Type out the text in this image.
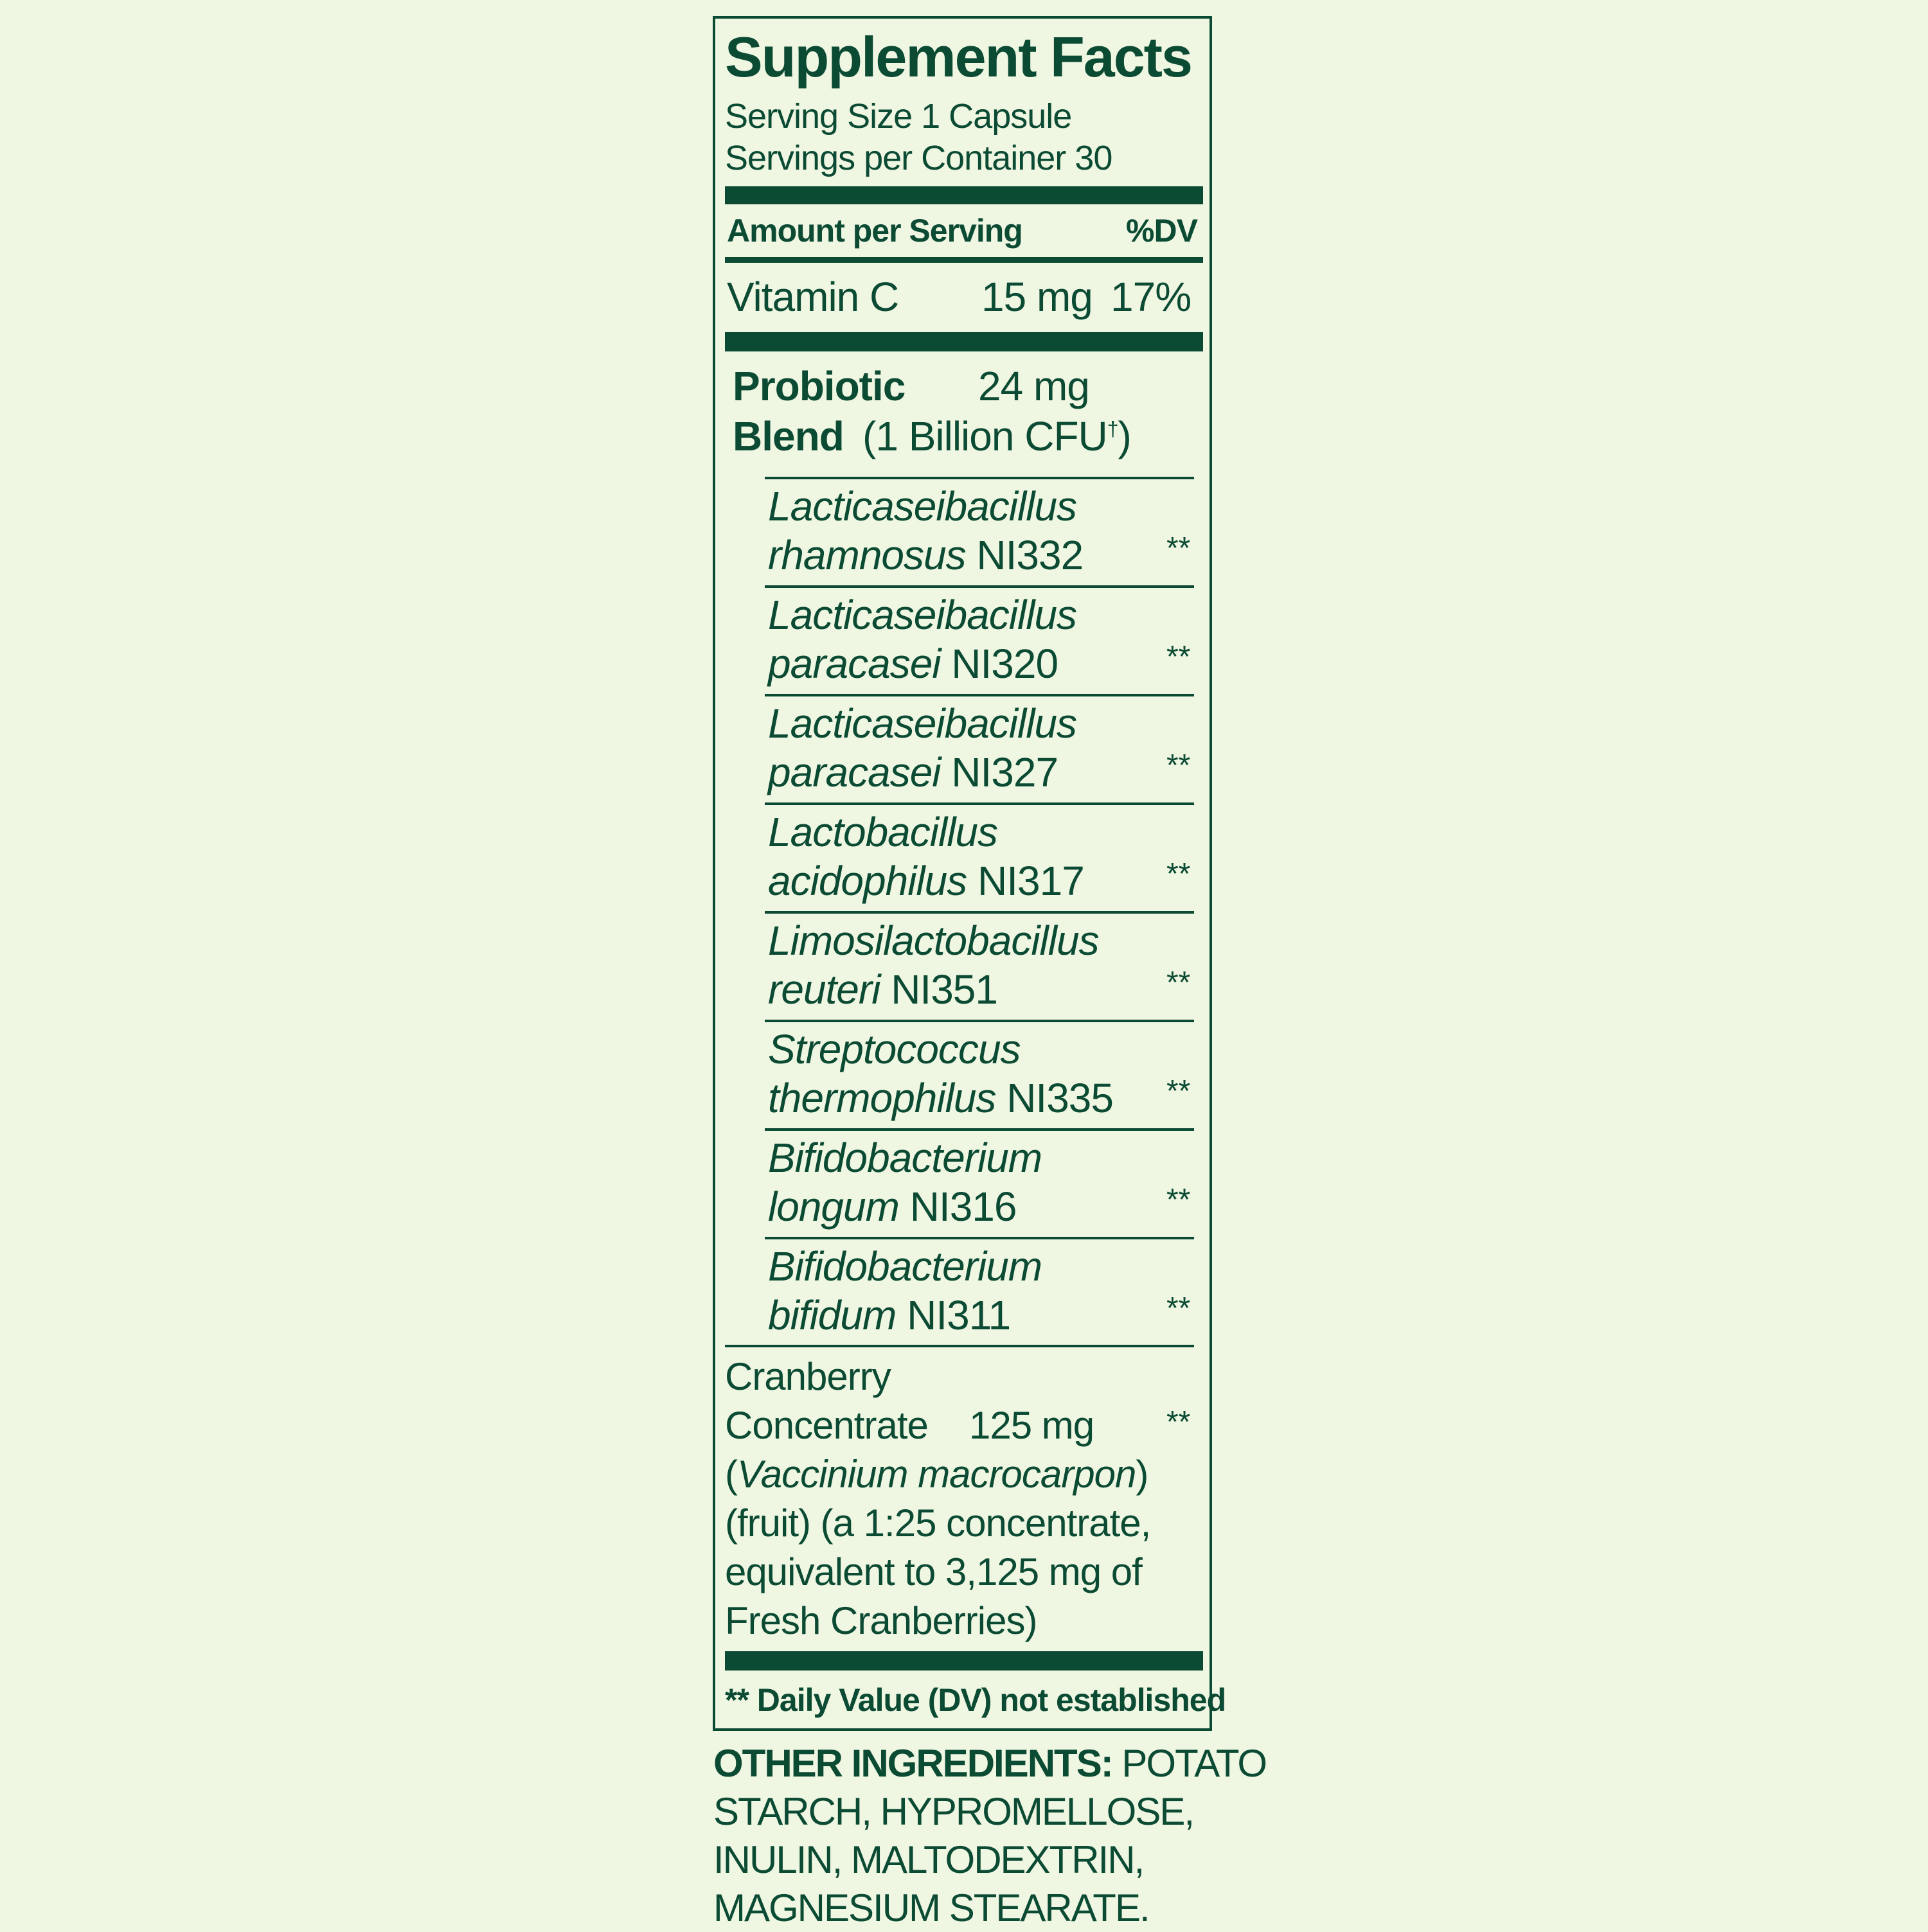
Supplement Facts
Serving Size 1 Capsule
Servings per Container 30
Amount per Serving	%DV
Vitamin C 15 mg 17%
Probiotic 24 mg
Blend (1 Billion CFU†)
Lacticaseibacillus
rhamnosus NI332	**
Lacticaseibacillus
paracasei NI320	**
Lacticaseibacillus
paracasei NI327	**
Lactobacillus
acidophilus NI317	**
Limosilactobacillus
reuteri NI351	**
Streptococcus
thermophilus NI335 **
Bifidobacterium
longum NI316	**
Bifidobacterium
bifidum NI311	**
Cranberry
Concentrate 125 mg **
(Vaccinium macrocarpon)
(fruit) (a 1:25 concentrate,
equivalent to 3,125 mg of
Fresh Cranberries)
** Daily Value (DV) not established
OTHER INGREDIENTS: POTATO
STARCH, HYPROMELLOSE,
INULIN, MALTODEXTRIN,
MAGNESIUM STEARATE.
